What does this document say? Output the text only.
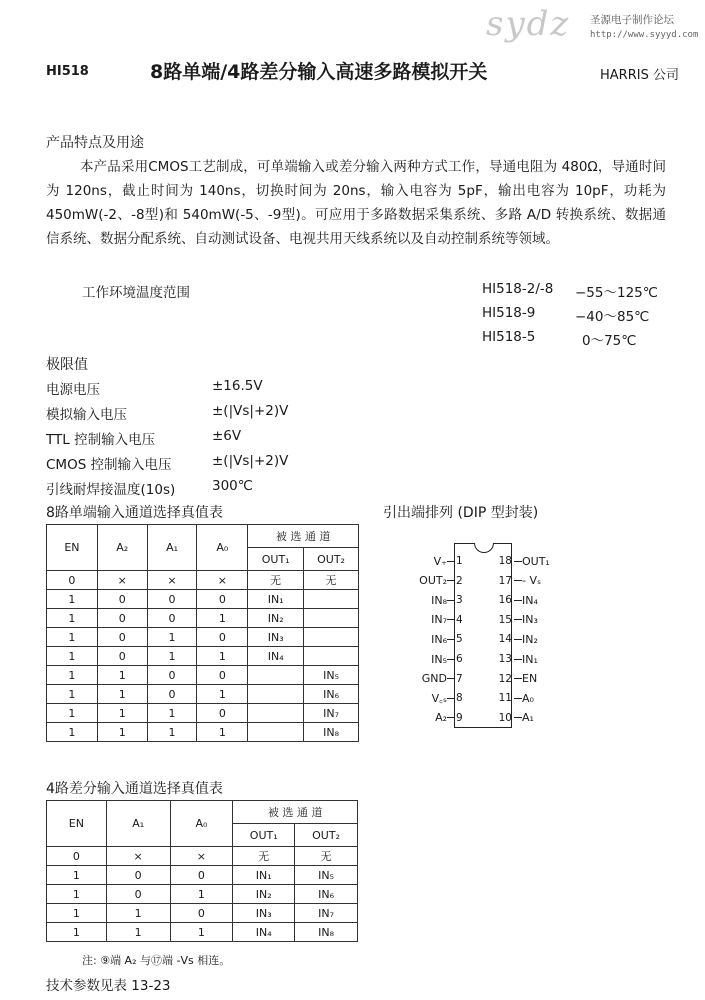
sydz 圣源电子制作论坛
http://www.syyyd.com
HI518	8路单端/4路差分输入高速多路模拟开关	HARRIS 公司
产品特点及用途
本产品采用CMOS工艺制成，可单端输入或差分输入两种方式工作，导通电阻为 480Ω，导通时间为 120ns，截止时间为 140ns，切换时间为 20ns，输入电容为 5pF，输出电容为 10pF，功耗为 450mW(-2、-8型)和 540mW(-5、-9型)。可应用于多路数据采集系统、多路 A/D 转换系统、数据通信系统、数据分配系统、自动测试设备、电视共用天线系统以及自动控制系统等领域。
工作环境温度范围	HI518-2/-8 −55～125℃
HI518-9	−40～85℃
HI518-5	0～75℃
极限值
电源电压	±16.5V
模拟输入电压	±(|Vs|+2)V
TTL 控制输入电压	±6V
CMOS 控制输入电压	±(|Vs|+2)V
引线耐焊接温度(10s)	300℃
8路单端输入通道选择真值表
EN	A₂	A₁	A₀	被 选 通 道	
				OUT₁	OUT₂
0	×	×	×	无	无
1	0	0	0	IN₁	
1	0	0	1	IN₂	
1	0	1	0	IN₃	
1	0	1	1	IN₄	
1	1	0	0		IN₅
1	1	0	1		IN₆
1	1	1	0		IN₇
1	1	1	1		IN₈
引出端排列 (DIP 型封装)
V₊ 1
OUT₂ 2
IN₈ 3
IN₇ 4
IN₆ 5
IN₅ 6
GND 7
V꜀ₛ 8
A₂ 9
18 OUT₁
17 - Vₛ
16 IN₄
15 IN₃
14 IN₂
13 IN₁
12 EN
11 A₀
10 A₁
4路差分输入通道选择真值表
EN	A₁	A₀	被 选 通 道	
			OUT₁	OUT₂
0	×	×	无	无
1	0	0	IN₁	IN₅
1	0	1	IN₂	IN₆
1	1	0	IN₃	IN₇
1	1	1	IN₄	IN₈
注: ⑨端 A₂ 与⑰端 -Vs 相连。
技术参数见表 13-23
